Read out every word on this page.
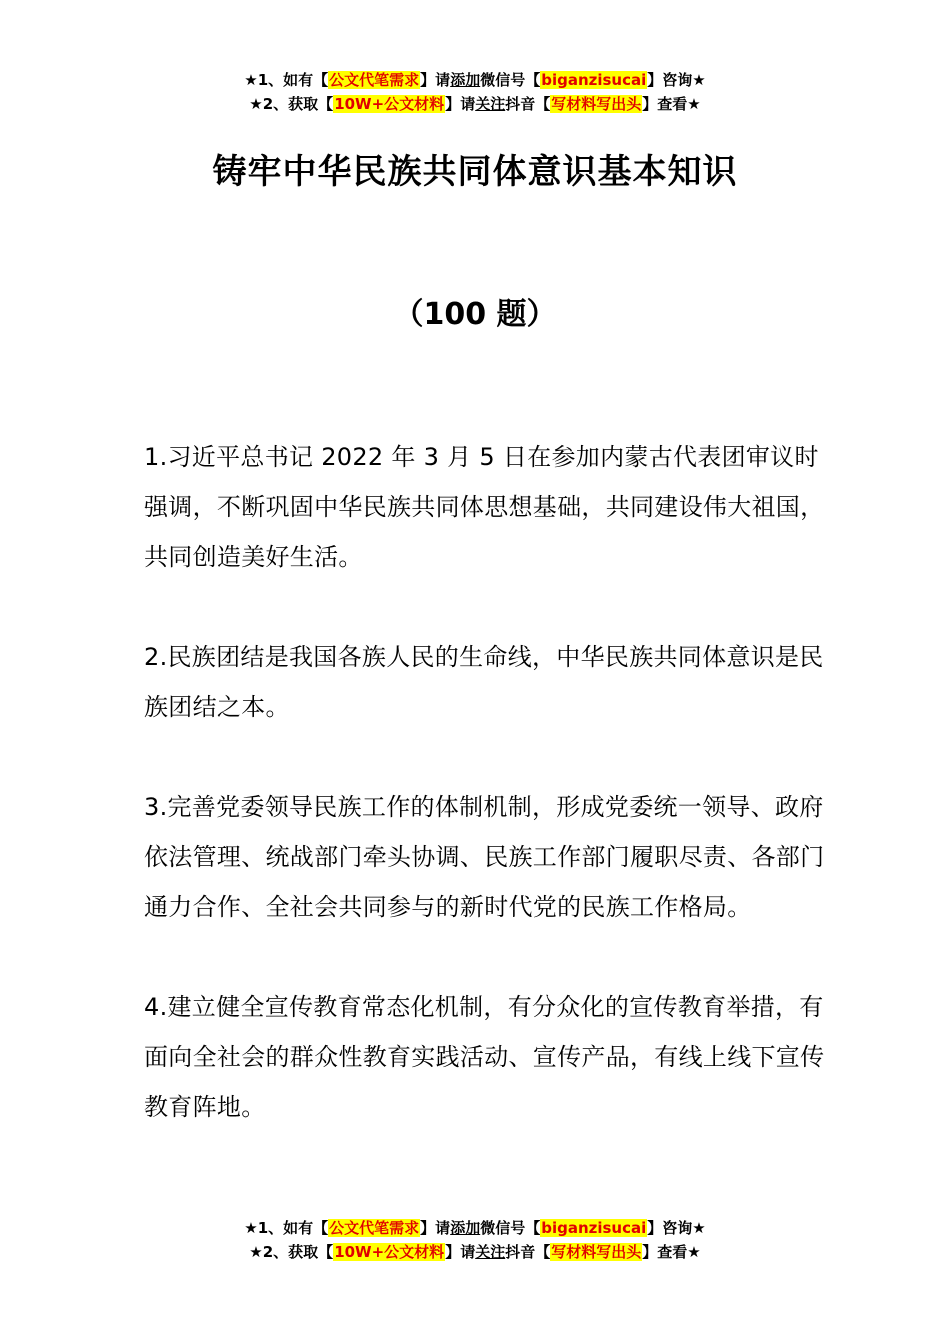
★1、如有【公文代笔需求】请添加微信号【biganzisucai】咨询★
★2、获取【10W+公文材料】请关注抖音【写材料写出头】查看★
铸牢中华民族共同体意识基本知识
（100 题）

1.习近平总书记 2022 年 3 月 5 日在参加内蒙古代表团审议时强调，不断巩固中华民族共同体思想基础，共同建设伟大祖国，共同创造美好生活。

2.民族团结是我国各族人民的生命线，中华民族共同体意识是民族团结之本。

3.完善党委领导民族工作的体制机制，形成党委统一领导、政府依法管理、统战部门牵头协调、民族工作部门履职尽责、各部门通力合作、全社会共同参与的新时代党的民族工作格局。

4.建立健全宣传教育常态化机制，有分众化的宣传教育举措，有面向全社会的群众性教育实践活动、宣传产品，有线上线下宣传教育阵地。

★1、如有【公文代笔需求】请添加微信号【biganzisucai】咨询★
★2、获取【10W+公文材料】请关注抖音【写材料写出头】查看★
